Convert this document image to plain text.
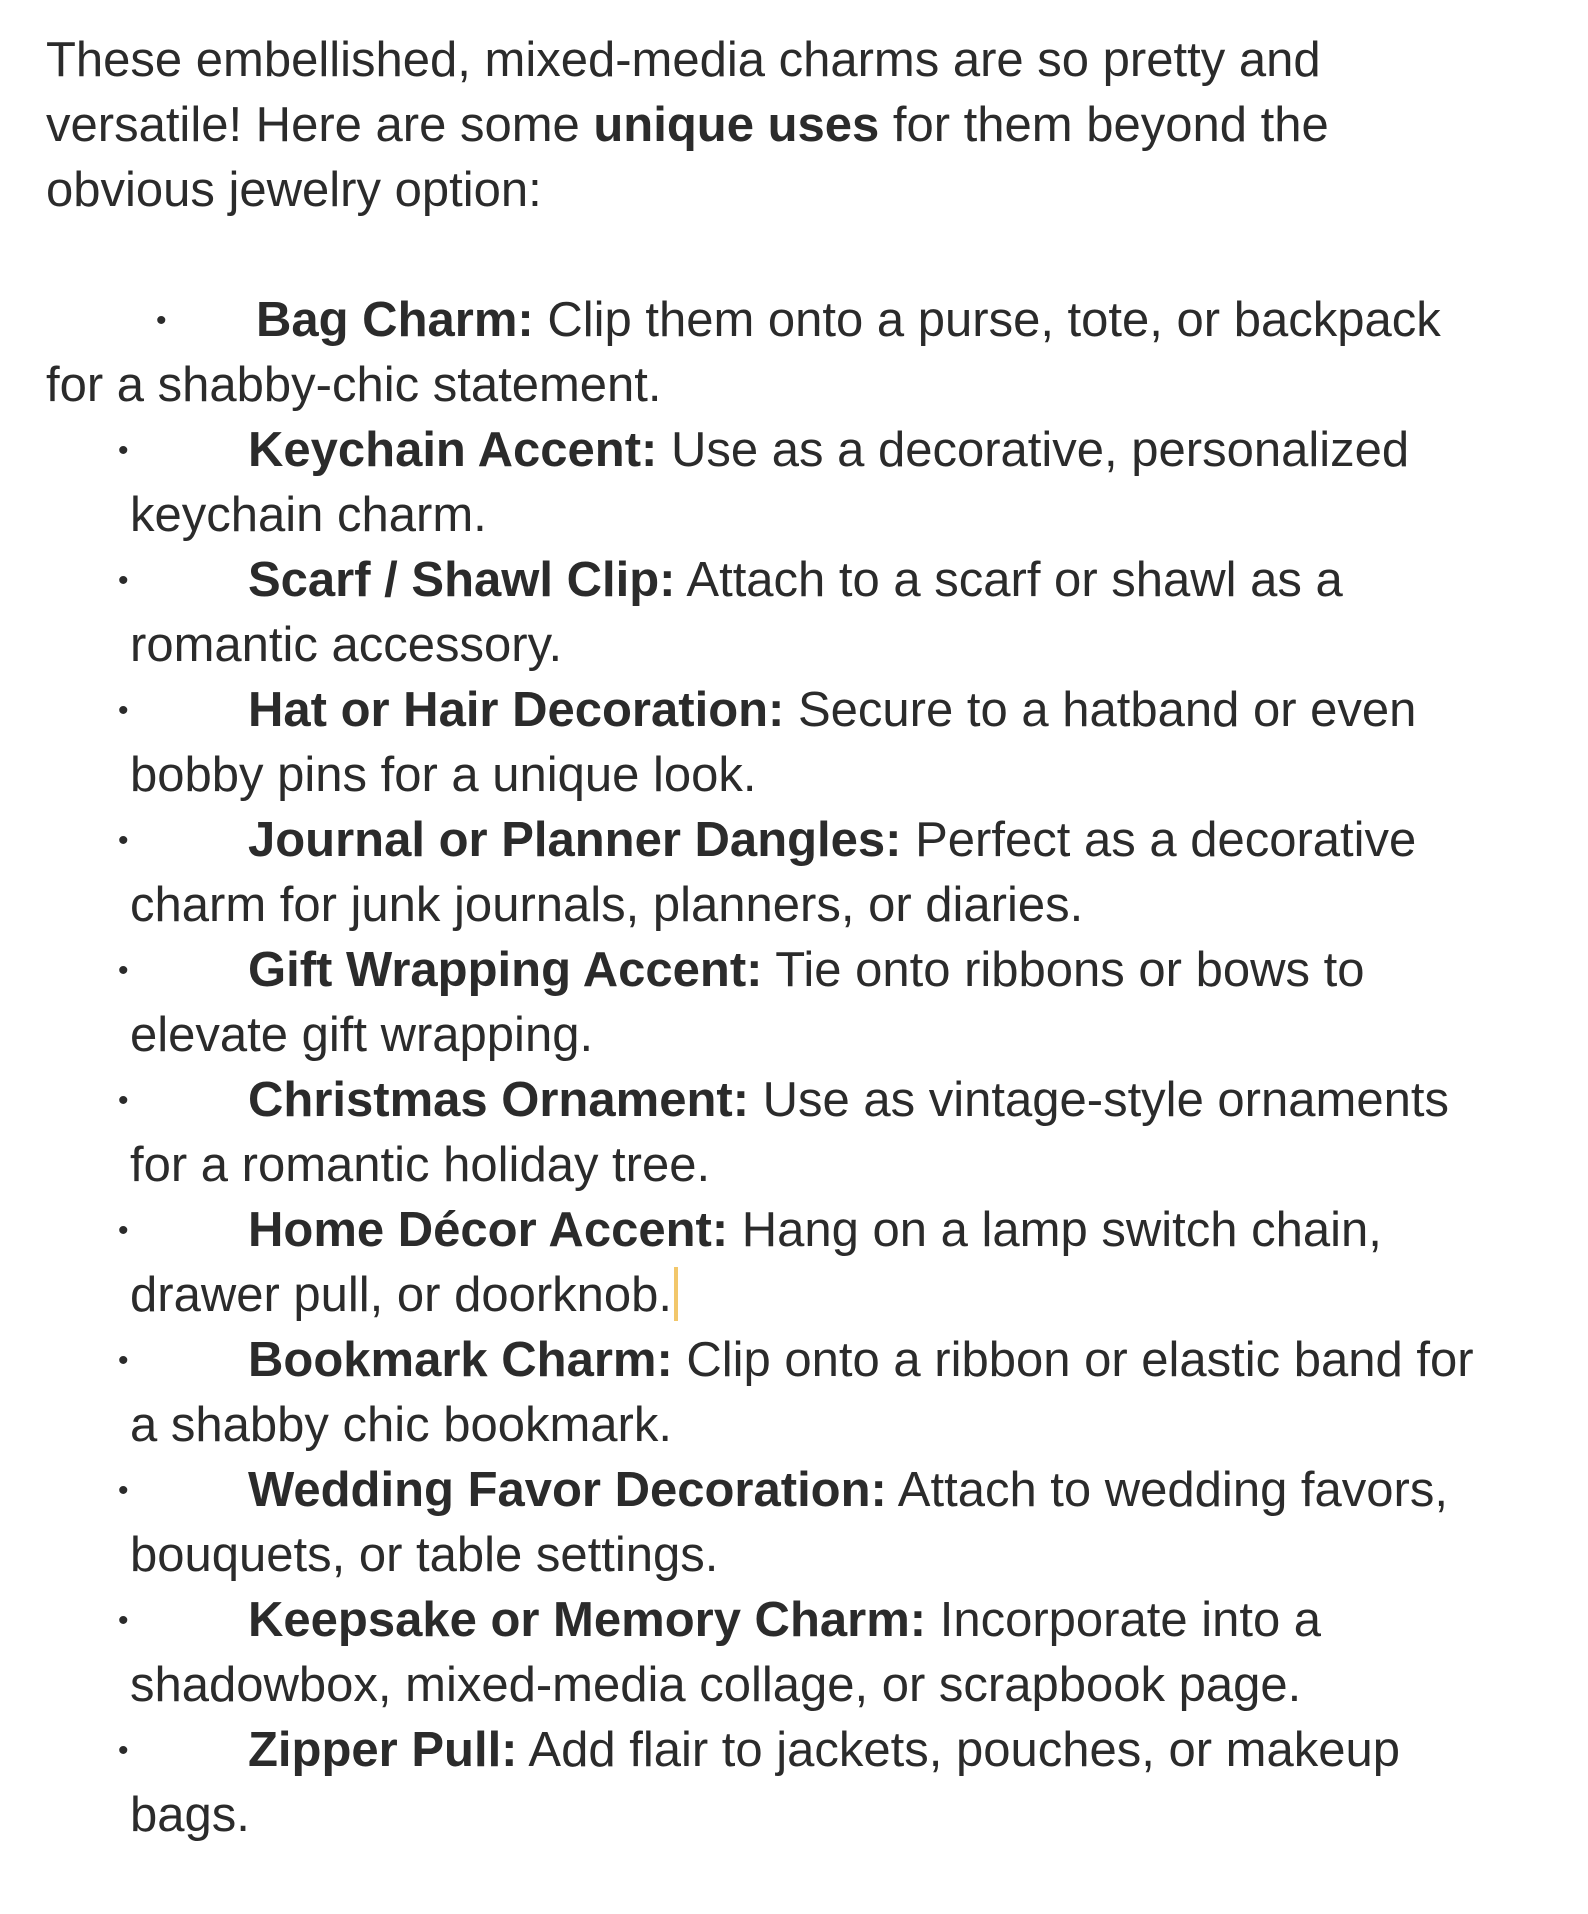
These embellished, mixed-media charms are so pretty and versatile! Here are some unique uses for them beyond the obvious jewelry option:

• Bag Charm: Clip them onto a purse, tote, or backpack for a shabby-chic statement.
• Keychain Accent: Use as a decorative, personalized keychain charm.
• Scarf / Shawl Clip: Attach to a scarf or shawl as a romantic accessory.
• Hat or Hair Decoration: Secure to a hatband or even bobby pins for a unique look.
• Journal or Planner Dangles: Perfect as a decorative charm for junk journals, planners, or diaries.
• Gift Wrapping Accent: Tie onto ribbons or bows to elevate gift wrapping.
• Christmas Ornament: Use as vintage-style ornaments for a romantic holiday tree.
• Home Décor Accent: Hang on a lamp switch chain, drawer pull, or doorknob.
• Bookmark Charm: Clip onto a ribbon or elastic band for a shabby chic bookmark.
• Wedding Favor Decoration: Attach to wedding favors, bouquets, or table settings.
• Keepsake or Memory Charm: Incorporate into a shadowbox, mixed-media collage, or scrapbook page.
• Zipper Pull: Add flair to jackets, pouches, or makeup bags.
